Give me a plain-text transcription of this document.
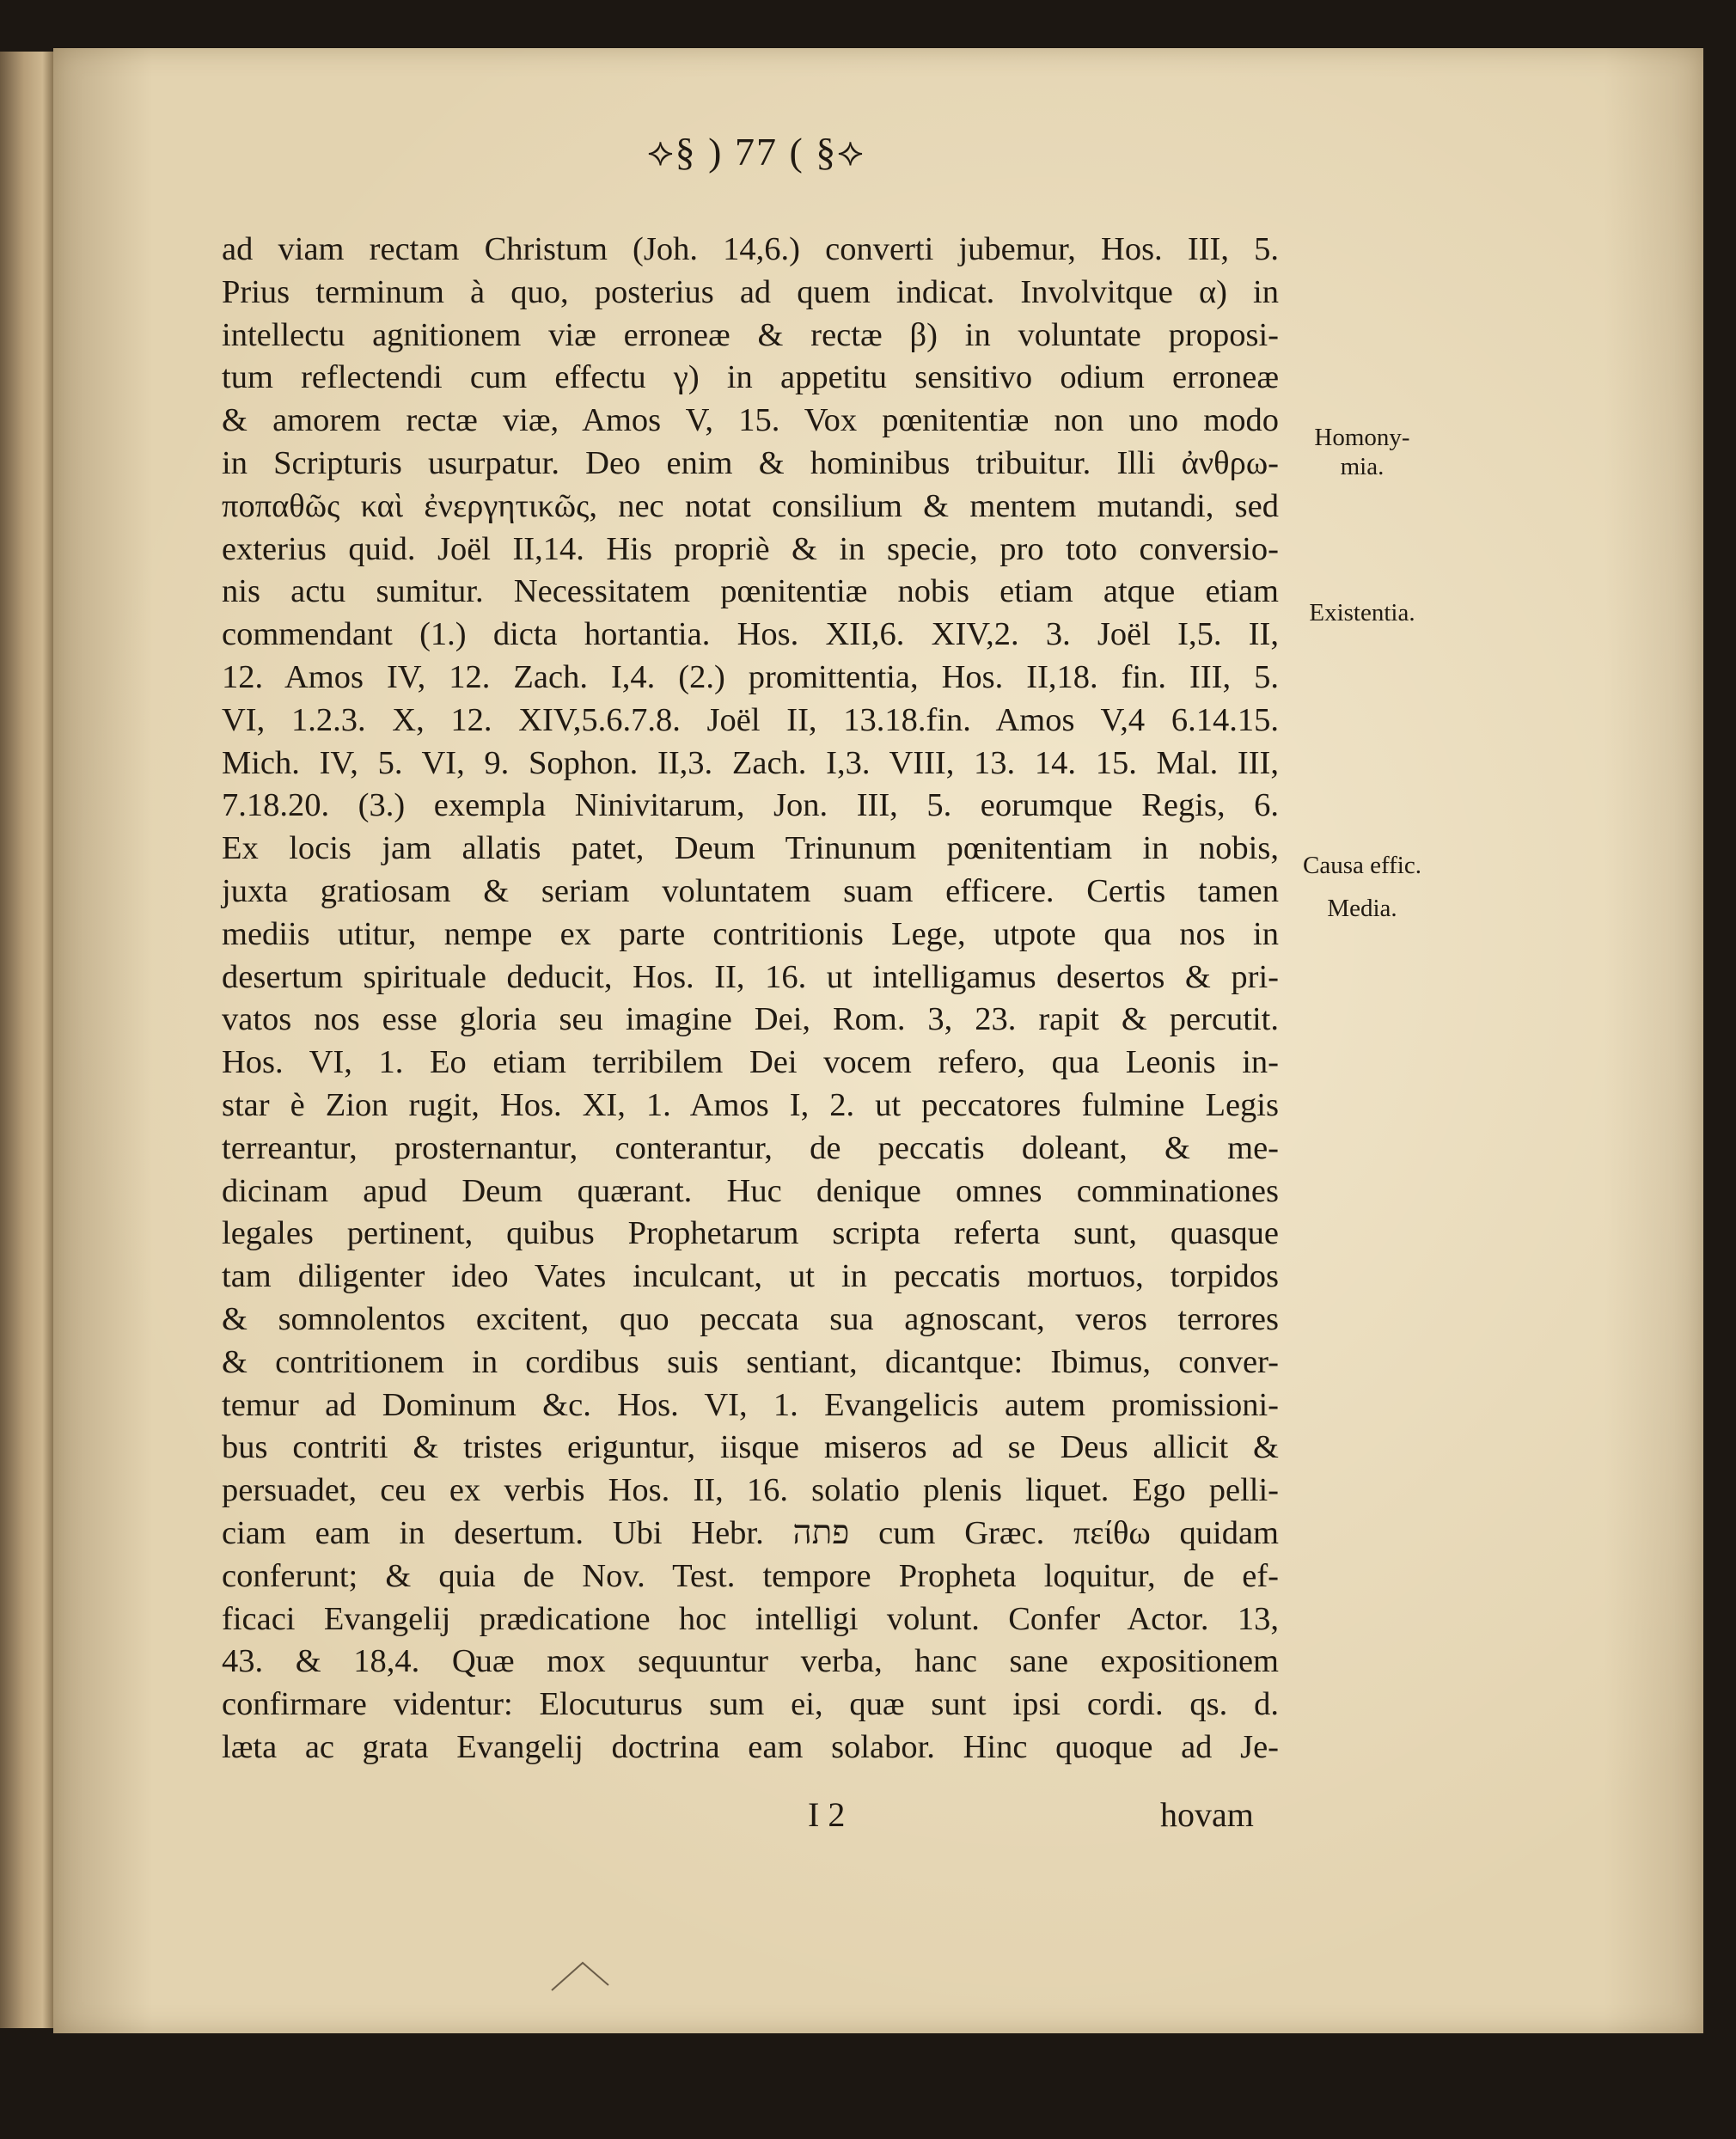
⟡§ ) 77 ( §⟡
ad viam rectam Christum (Joh. 14,6.) converti jubemur, Hos. III, 5.
Prius terminum à quo, posterius ad quem indicat. Involvitque α) in
intellectu agnitionem viæ erroneæ & rectæ β) in voluntate proposi-
tum reflectendi cum effectu γ) in appetitu sensitivo odium erroneæ
& amorem rectæ viæ, Amos V, 15. Vox pœnitentiæ non uno modo
in Scripturis usurpatur. Deo enim & hominibus tribuitur. Illi ἀνθρω-
ποπαθῶς καὶ ἐνεργητικῶς, nec notat consilium & mentem mutandi, sed
exterius quid. Joël II,14. His propriè & in specie, pro toto conversio-
nis actu sumitur. Necessitatem pœnitentiæ nobis etiam atque etiam
commendant (1.) dicta hortantia. Hos. XII,6. XIV,2. 3. Joël I,5. II,
12. Amos IV, 12. Zach. I,4. (2.) promittentia, Hos. II,18. fin. III, 5.
VI, 1.2.3. X, 12. XIV,5.6.7.8. Joël II, 13.18.fin. Amos V,4 6.14.15.
Mich. IV, 5. VI, 9. Sophon. II,3. Zach. I,3. VIII, 13. 14. 15. Mal. III,
7.18.20. (3.) exempla Ninivitarum, Jon. III, 5. eorumque Regis, 6.
Ex locis jam allatis patet, Deum Trinunum pœnitentiam in nobis,
juxta gratiosam & seriam voluntatem suam efficere. Certis tamen
mediis utitur, nempe ex parte contritionis Lege, utpote qua nos in
desertum spirituale deducit, Hos. II, 16. ut intelligamus desertos & pri-
vatos nos esse gloria seu imagine Dei, Rom. 3, 23. rapit & percutit.
Hos. VI, 1. Eo etiam terribilem Dei vocem refero, qua Leonis in-
star è Zion rugit, Hos. XI, 1. Amos I, 2. ut peccatores fulmine Legis
terreantur, prosternantur, conterantur, de peccatis doleant, & me-
dicinam apud Deum quærant. Huc denique omnes comminationes
legales pertinent, quibus Prophetarum scripta referta sunt, quasque
tam diligenter ideo Vates inculcant, ut in peccatis mortuos, torpidos
& somnolentos excitent, quo peccata sua agnoscant, veros terrores
& contritionem in cordibus suis sentiant, dicantque: Ibimus, conver-
temur ad Dominum &c. Hos. VI, 1. Evangelicis autem promissioni-
bus contriti & tristes eriguntur, iisque miseros ad se Deus allicit &
persuadet, ceu ex verbis Hos. II, 16. solatio plenis liquet. Ego pelli-
ciam eam in desertum. Ubi Hebr. פתה cum Græc. πείθω quidam
conferunt; & quia de Nov. Test. tempore Propheta loquitur, de ef-
ficaci Evangelij prædicatione hoc intelligi volunt. Confer Actor. 13,
43. & 18,4. Quæ mox sequuntur verba, hanc sane expositionem
confirmare videntur: Elocuturus sum ei, quæ sunt ipsi cordi. qs. d.
læta ac grata Evangelij doctrina eam solabor. Hinc quoque ad Je-
Homony-
mia.
Existentia.
Causa effic.
Media.
I 2	hovam
